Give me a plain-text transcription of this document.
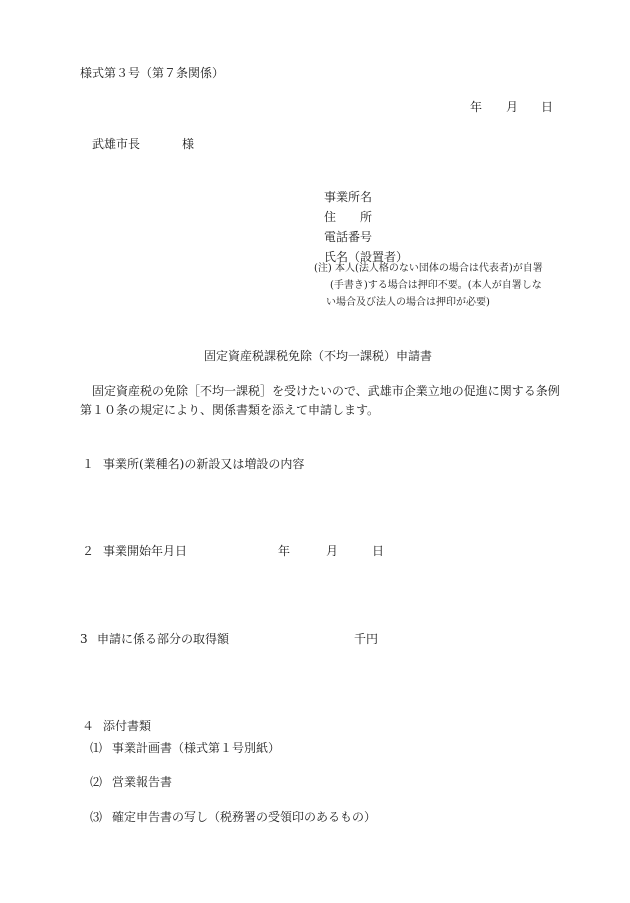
様式第３号（第７条関係）
年 月 日
武雄市長	様
事業所名
住　　所
電話番号
氏名（設置者）
(注) 本人(法人格のない団体の場合は代表者)が自署
(手書き)する場合は押印不要。(本人が自署しな
い場合及び法人の場合は押印が必要)
固定資産税課税免除（不均一課税）申請書
固定資産税の免除［不均一課税］を受けたいので、武雄市企業立地の促進に関する条例
第１０条の規定により、関係書類を添えて申請します。
１ 事業所(業種名)の新設又は増設の内容
２ 事業開始年月日	年	月	日
3 申請に係る部分の取得額	千円
４ 添付書類
⑴ 事業計画書（様式第１号別紙）
⑵ 営業報告書
⑶ 確定申告書の写し（税務署の受領印のあるもの）
